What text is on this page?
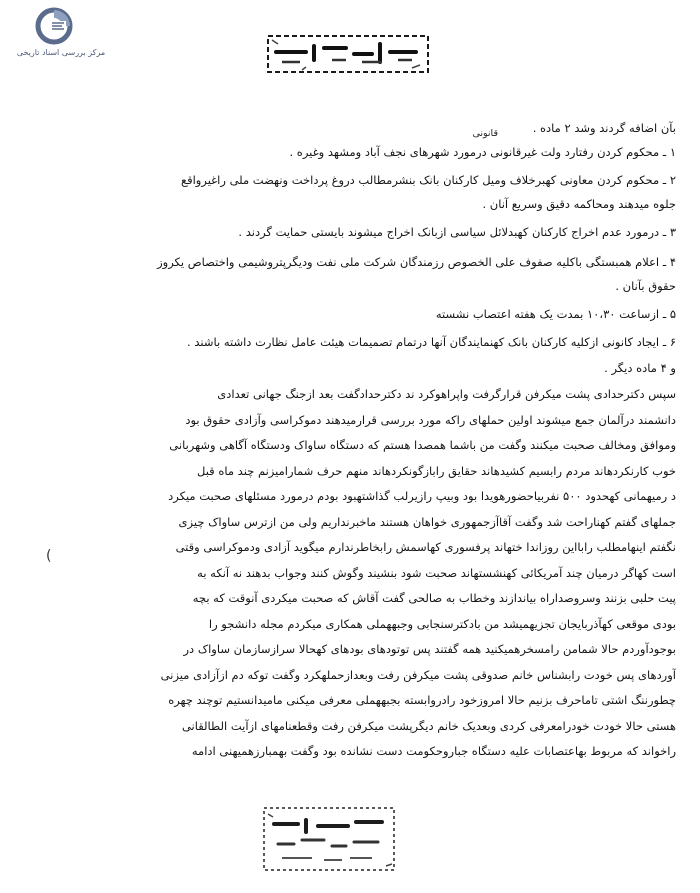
مرکز بررسی اسناد تاریخی
قانونی	بآن اضافه گردند وشد ۲ ماده .

۱ ـ محکوم کردن رفتارد ولت غیرقانونی درمورد شهرهای نجف آباد ومشهد وغیره .

۲ ـ محکوم کردن معاونی کهبرخلاف ومیل کارکنان بانک بنشرمطالب دروغ پرداخت ونهضت ملی راغیرواقع

جلوه میدهند ومحاکمه دقیق وسریع آنان .

۳ ـ درمورد عدم اخراج کارکنان کهبدلائل سیاسی ازبانک اخراج میشوند بایستی حمایت گردند .

۴ ـ اعلام همبستگی باکلیه صفوف علی الخصوص رزمندگان شرکت ملی نفت ودیگرپتروشیمی واختصاص یکروز

حقوق بآنان .

۵ ـ ازساعت ۱۰،۳۰ بمدت یک هفته اعتصاب نشسته

۶ ـ ایجاد کانونی ازکلیه کارکنان بانک کهنمایندگان آنها درتمام تصمیمات هیئت عامل نظارت داشته باشند .

و ۴ ماده دیگر .

سپس دکترحدادی پشت میکرفن قرارگرفت واپراهوکرد ند دکترحدادگفت بعد ازجنگ جهانی تعدادی

دانشمند درآلمان جمع میشوند اولین حملهای راکه مورد بررسی قرارمیدهند دموکراسی وآزادی حقوق بود

وموافق ومخالف صحبت میکنند وگفت من باشما همصدا هستم که دستگاه ساواک ودستگاه آگاهی وشهربانی

خوب کارنکردهاند مردم رابسیم کشیدهاند حقایق رابازگونکردهاند منهم حرف شمارامیزنم چند ماه قبل

د رمیهمانی کهحدود ۵۰۰ نفربیاحضورهویدا بود وبیپ رازیرلب گذاشتهبود بودم درمورد مسئلهای صحبت میکرد

جملهای گفتم کهناراحت شد وگفت آقاآزجمهوری خواهان هستند ماخبرنداریم ولی من ازترس ساواک چیزی

نگفتم اینهامطلب رابااین روزاندا ختهاند پرفسوری کهاسمش رابخاطرندارم میگوید آزادی ودموکراسی وقتی

است کهاگر درمیان چند آمریکائی کهنشستهاند صحبت شود بنشیند وگوش کنند وجواب بدهند نه آنکه به

پیت حلبی بزنند وسروصداراه بیاندازند وخطاب به صالحی گفت آقاش که صحبت میکردی آنوقت که بچه

بودی موقعی کهآذربایجان تجزیهمیشد من بادکترسنجابی وجبههملی همکاری میکردم مجله دانشجو را

بوجودآوردم حالا شمامن رامسخرهمیکنید همه گفتند پس توتودهای بودهای کهحالا سرازسازمان ساواک در

آوردهای پس خودت رابشناس خانم صدوقی پشت میکرفن رفت وبعدازحملهکرد وگفت توکه دم ازآزادی میزنی

چطورننگ اشتی تاماحرف بزنیم حالا امروزخود رادروابسته بجبههملی معرفی میکنی مامیدانستیم توچند چهره

هستی حالا خودت خودرامعرفی کردی وبعدیک خانم دیگرپشت میکرفن رفت وقطعنامهای ازآیت الطالقانی

راخواند که مربوط بهاعتصابات علیه دستگاه جباروحکومت دست نشانده بود وگفت بهمبارزهمیهنی ادامه

(
